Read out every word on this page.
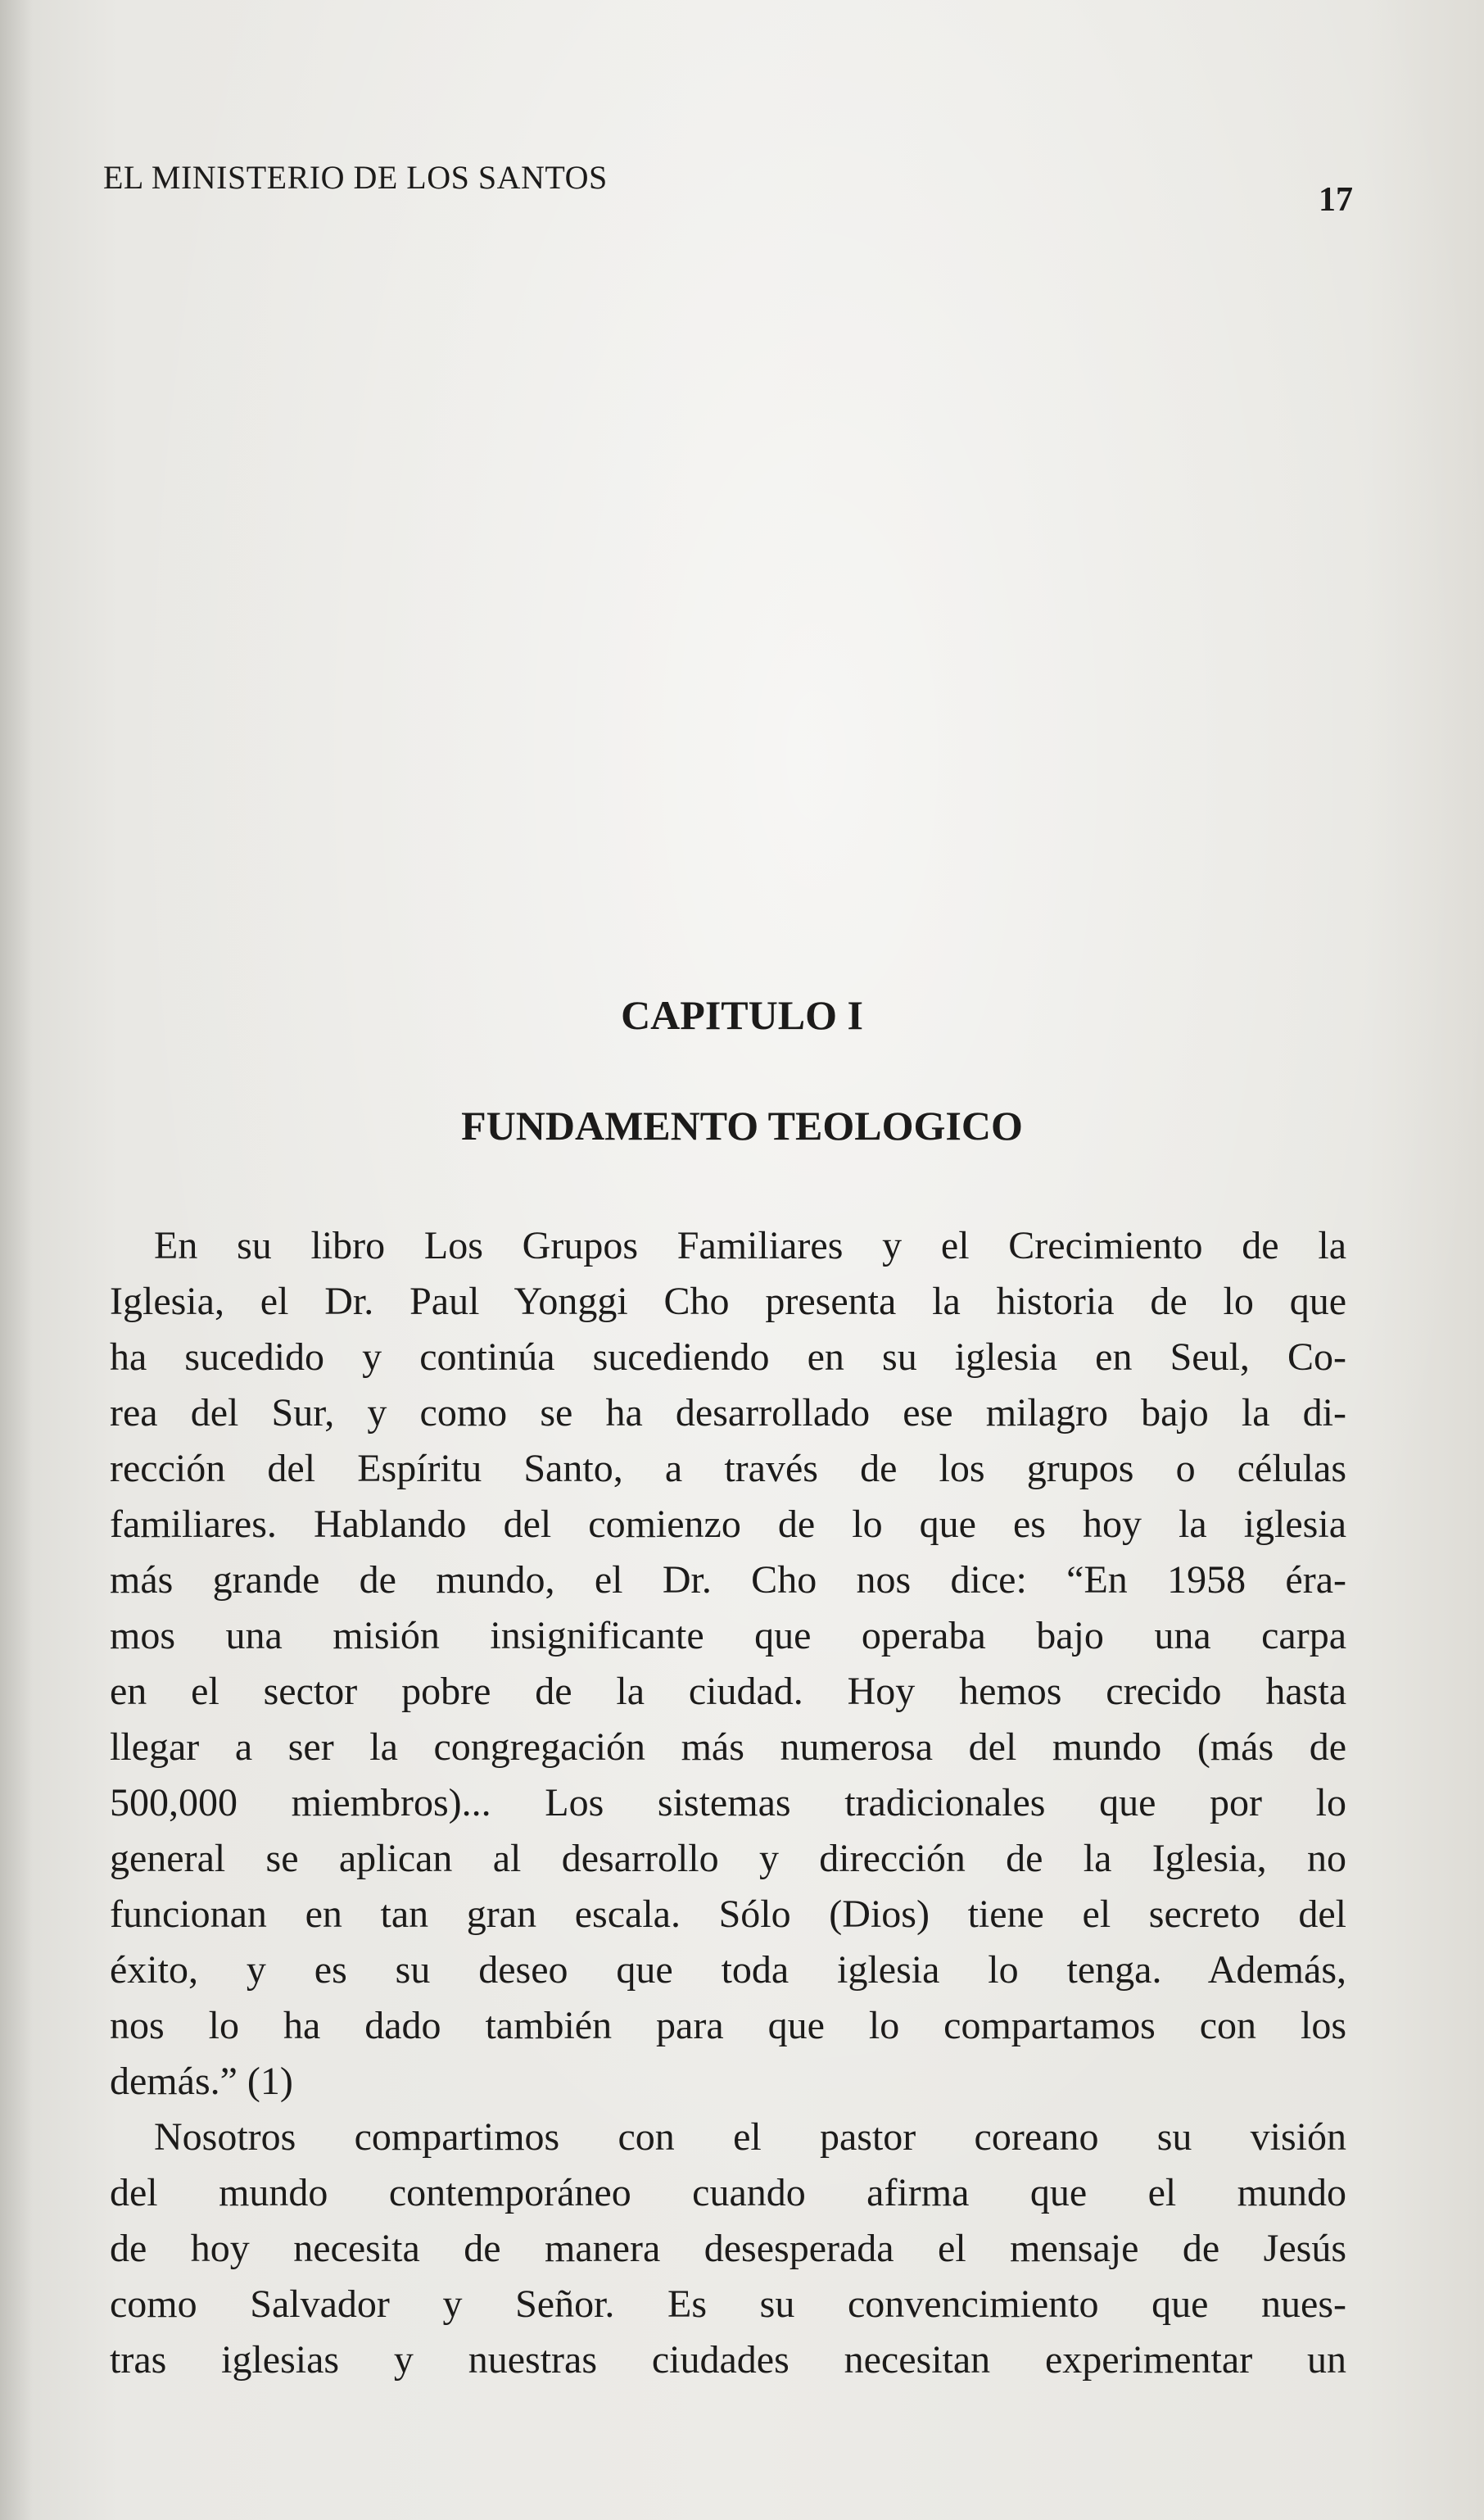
EL MINISTERIO DE LOS SANTOS
17
CAPITULO I
FUNDAMENTO TEOLOGICO
En su libro Los Grupos Familiares y el Crecimiento de la
Iglesia, el Dr. Paul Yonggi Cho presenta la historia de lo que
ha sucedido y continúa sucediendo en su iglesia en Seul, Co-
rea del Sur, y como se ha desarrollado ese milagro bajo la di-
rección del Espíritu Santo, a través de los grupos o células
familiares. Hablando del comienzo de lo que es hoy la iglesia
más grande de mundo, el Dr. Cho nos dice: “En 1958 éra-
mos una misión insignificante que operaba bajo una carpa
en el sector pobre de la ciudad. Hoy hemos crecido hasta
llegar a ser la congregación más numerosa del mundo (más de
500,000 miembros)... Los sistemas tradicionales que por lo
general se aplican al desarrollo y dirección de la Iglesia, no
funcionan en tan gran escala. Sólo (Dios) tiene el secreto del
éxito, y es su deseo que toda iglesia lo tenga. Además,
nos lo ha dado también para que lo compartamos con los
demás.” (1)
Nosotros compartimos con el pastor coreano su visión
del mundo contemporáneo cuando afirma que el mundo
de hoy necesita de manera desesperada el mensaje de Jesús
como Salvador y Señor. Es su convencimiento que nues-
tras iglesias y nuestras ciudades necesitan experimentar un
